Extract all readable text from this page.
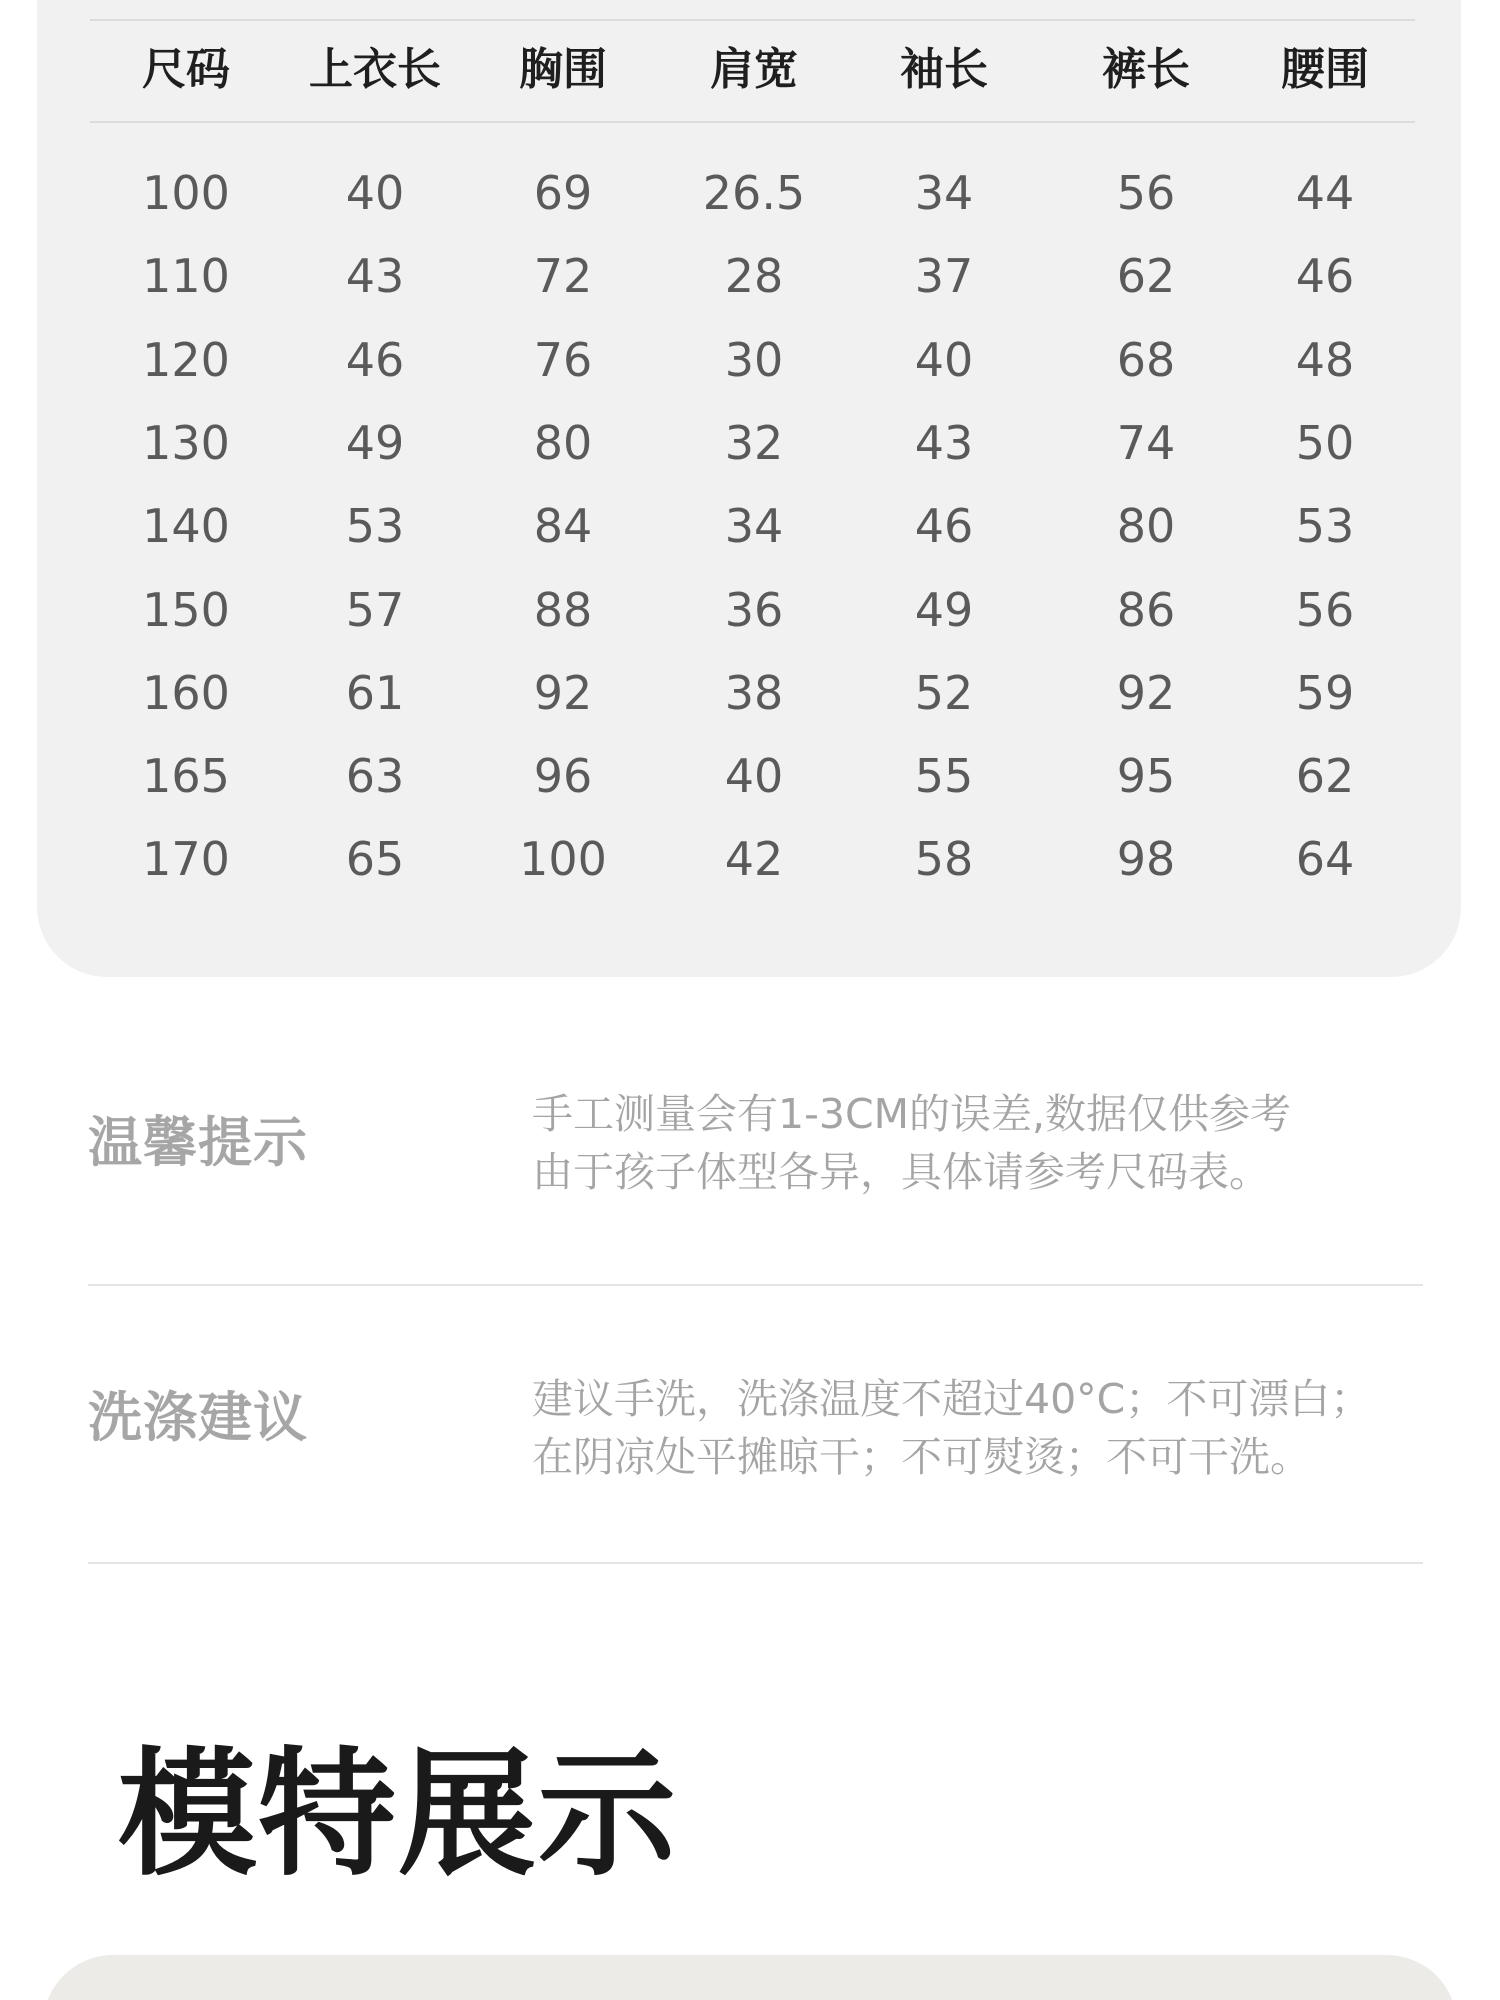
尺码	上衣长	胸围	肩宽	袖长	裤长	腰围
100	40	69	26.5	34	56	44
110	43	72	28	37	62	46
120	46	76	30	40	68	48
130	49	80	32	43	74	50
140	53	84	34	46	80	53
150	57	88	36	49	86	56
160	61	92	38	52	92	59
165	63	96	40	55	95	62
170	65	100	42	58	98	64
温馨提示	手工测量会有1-3CM的误差,数据仅供参考
由于孩子体型各异，具体请参考尺码表。
洗涤建议	建议手洗，洗涤温度不超过40°C；不可漂白；
在阴凉处平摊晾干；不可熨烫；不可干洗。
模特展示
